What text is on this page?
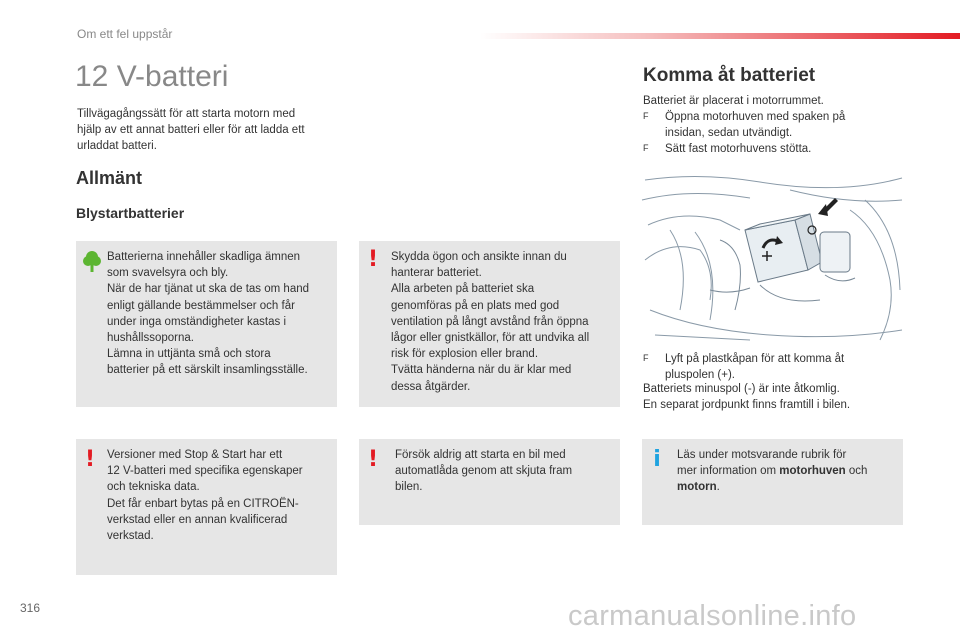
Om ett fel uppstår
12 V-batteri
Tillvägagångssätt för att starta motorn med
hjälp av ett annat batteri eller för att ladda ett
urladdat batteri.
Allmänt
Blystartbatterier
Batterierna innehåller skadliga ämnen
som svavelsyra och bly.
När de har tjänat ut ska de tas om hand
enligt gällande bestämmelser och får
under inga omständigheter kastas i
hushållssoporna.
Lämna in uttjänta små och stora
batterier på ett särskilt insamlingsställe.
! Skydda ögon och ansikte innan du
hanterar batteriet.
Alla arbeten på batteriet ska
genomföras på en plats med god
ventilation på långt avstånd från öppna
lågor eller gnistkällor, för att undvika all
risk för explosion eller brand.
Tvätta händerna när du är klar med
dessa åtgärder.
! Versioner med Stop & Start har ett
12 V-batteri med specifika egenskaper
och tekniska data.
Det får enbart bytas på en CITROËN-
verkstad eller en annan kvalificerad
verkstad.
! Försök aldrig att starta en bil med
automatlåda genom att skjuta fram
bilen.
i Läs under motsvarande rubrik för
mer information om motorhuven och
motorn.
Komma åt batteriet
Batteriet är placerat i motorrummet.
F Öppna motorhuven med spaken på
insidan, sedan utvändigt.
F Sätt fast motorhuvens stötta.
F Lyft på plastkåpan för att komma åt
pluspolen (+).
Batteriets minuspol (-) är inte åtkomlig.
En separat jordpunkt finns framtill i bilen.
316	carmanualsonline.info
